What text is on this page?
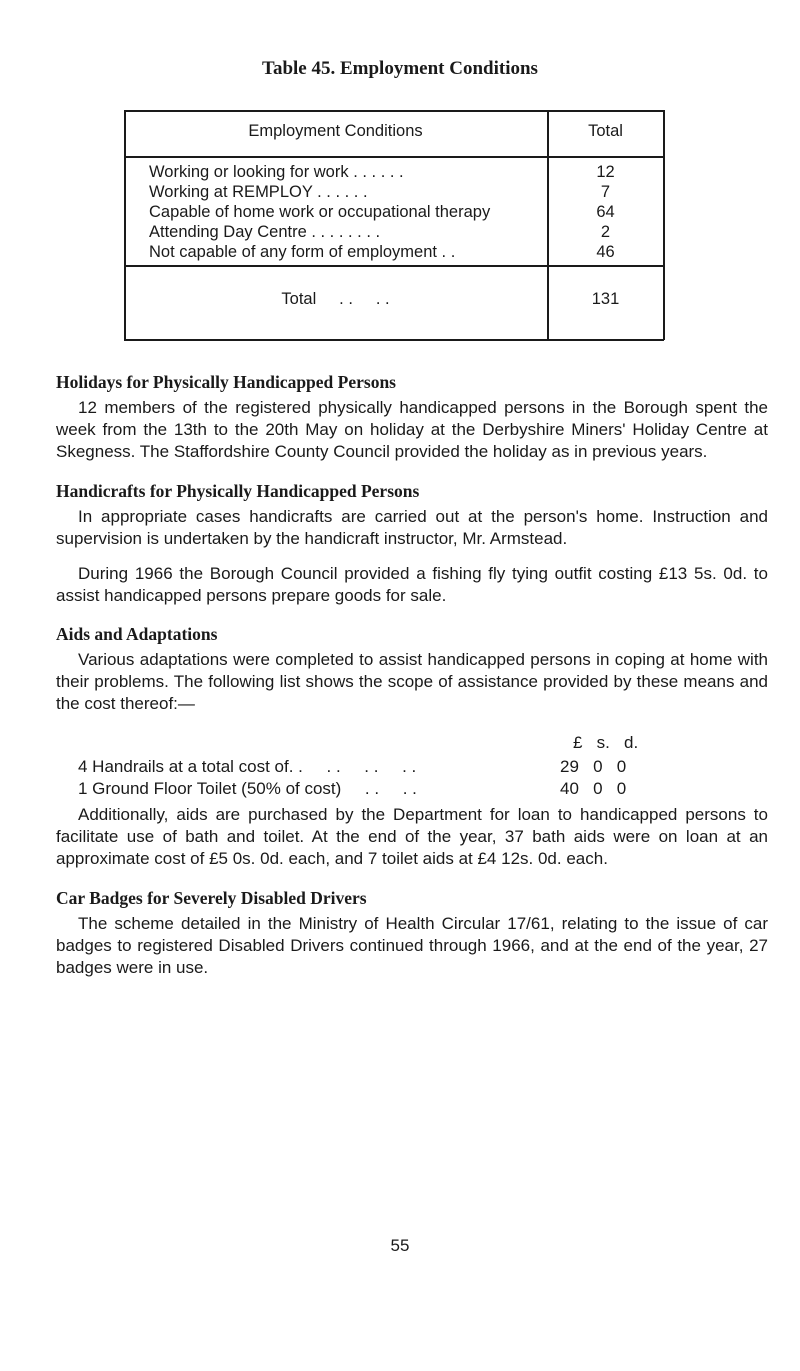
Table 45. Employment Conditions
Employment Conditions	Total
Working or looking for work . . . . . .	12
Working at REMPLOY . . . . . .	7
Capable of home work or occupational therapy	64
Attending Day Centre . . . . . . . .	2
Not capable of any form of employment . .	46
Total     . .     . .	131
Holidays for Physically Handicapped Persons
12 members of the registered physically handicapped persons in the Borough spent the week from the 13th to the 20th May on holiday at the Derbyshire Miners' Holiday Centre at Skegness. The Staffordshire County Council provided the holiday as in previous years.
Handicrafts for Physically Handicapped Persons
In appropriate cases handicrafts are carried out at the person's home. Instruction and supervision is undertaken by the handicraft instructor, Mr. Armstead.
During 1966 the Borough Council provided a fishing fly tying outfit costing £13 5s. 0d. to assist handicapped persons prepare goods for sale.
Aids and Adaptations
Various adaptations were completed to assist handicapped persons in coping at home with their problems. The following list shows the scope of assistance provided by these means and the cost thereof:—
£   s.   d.
4 Handrails at a total cost of. .     . .     . .     . .	29   0   0
1 Ground Floor Toilet (50% of cost)     . .     . .	40   0   0
Additionally, aids are purchased by the Department for loan to handicapped persons to facilitate use of bath and toilet. At the end of the year, 37 bath aids were on loan at an approximate cost of £5 0s. 0d. each, and 7 toilet aids at £4 12s. 0d. each.
Car Badges for Severely Disabled Drivers
The scheme detailed in the Ministry of Health Circular 17/61, relating to the issue of car badges to registered Disabled Drivers continued through 1966, and at the end of the year, 27 badges were in use.
55
